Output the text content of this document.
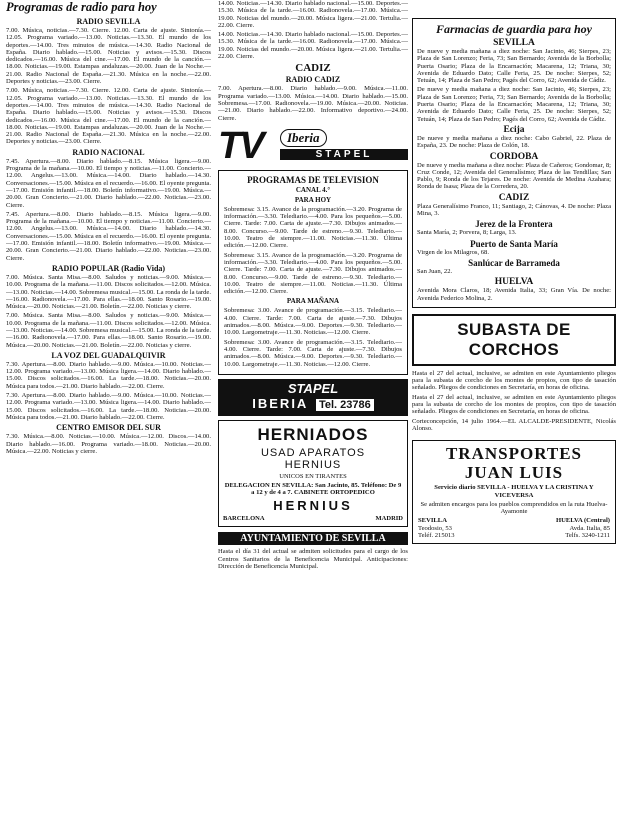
Programas de radio para hoy
RADIO SEVILLA

7.00. Música, noticias.—7.30. Cierre. 12.00. Carta de ajuste. Sintonía.—12.05. Programa variado.—13.00. Noticias.—13.30. El mundo de los deportes.—14.00. Tres minutos de música.—14.30. Radio Nacional de España. Diario hablado.—15.00. Noticias y avisos.—15.30. Discos dedicados.—16.00. Música del cine.—17.00. El mundo de la canción.—18.00. Noticias.—19.00. Estampas andaluzas.—20.00. Juan de la Noche.—21.00. Radio Nacional de España.—21.30. Música en la noche.—22.00. Deportes y noticias.—23.00. Cierre.

7.00. Música, noticias.—7.30. Cierre. 12.00. Carta de ajuste. Sintonía.—12.05. Programa variado.—13.00. Noticias.—13.30. El mundo de los deportes.—14.00. Tres minutos de música.—14.30. Radio Nacional de España. Diario hablado.—15.00. Noticias y avisos.—15.30. Discos dedicados.—16.00. Música del cine.—17.00. El mundo de la canción.—18.00. Noticias.—19.00. Estampas andaluzas.—20.00. Juan de la Noche.—21.00. Radio Nacional de España.—21.30. Música en la noche.—22.00. Deportes y noticias.—23.00. Cierre.

RADIO NACIONAL

7.45. Apertura.—8.00. Diario hablado.—8.15. Música ligera.—9.00. Programa de la mañana.—10.00. El tiempo y noticias.—11.00. Concierto.—12.00. Angelus.—13.00. Música.—14.00. Diario hablado.—14.30. Conversaciones.—15.00. Música en el recuerdo.—16.00. El oyente pregunta.—17.00. Emisión infantil.—18.00. Boletín informativo.—19.00. Música.—20.00. Gran Concierto.—21.00. Diario hablado.—22.00. Noticias.—23.00. Cierre.

7.45. Apertura.—8.00. Diario hablado.—8.15. Música ligera.—9.00. Programa de la mañana.—10.00. El tiempo y noticias.—11.00. Concierto.—12.00. Angelus.—13.00. Música.—14.00. Diario hablado.—14.30. Conversaciones.—15.00. Música en el recuerdo.—16.00. El oyente pregunta.—17.00. Emisión infantil.—18.00. Boletín informativo.—19.00. Música.—20.00. Gran Concierto.—21.00. Diario hablado.—22.00. Noticias.—23.00. Cierre.

RADIO POPULAR (Radio Vida)

7.00. Música. Santa Misa.—8.00. Saludos y noticias.—9.00. Música.—10.00. Programa de la mañana.—11.00. Discos solicitados.—12.00. Música.—13.00. Noticias.—14.00. Sobremesa musical.—15.00. La ronda de la tarde.—16.00. Radionovela.—17.00. Para ellas.—18.00. Santo Rosario.—19.00. Música.—20.00. Noticias.—21.00. Boletín.—22.00. Noticias y cierre.

7.00. Música. Santa Misa.—8.00. Saludos y noticias.—9.00. Música.—10.00. Programa de la mañana.—11.00. Discos solicitados.—12.00. Música.—13.00. Noticias.—14.00. Sobremesa musical.—15.00. La ronda de la tarde.—16.00. Radionovela.—17.00. Para ellas.—18.00. Santo Rosario.—19.00. Música.—20.00. Noticias.—21.00. Boletín.—22.00. Noticias y cierre.

LA VOZ DEL GUADALQUIVIR

7.30. Apertura.—8.00. Diario hablado.—9.00. Música.—10.00. Noticias.—12.00. Programa variado.—13.00. Música ligera.—14.00. Diario hablado.—15.00. Discos solicitados.—16.00. La tarde.—18.00. Noticias.—20.00. Música para todos.—21.00. Diario hablado.—22.00. Cierre.

7.30. Apertura.—8.00. Diario hablado.—9.00. Música.—10.00. Noticias.—12.00. Programa variado.—13.00. Música ligera.—14.00. Diario hablado.—15.00. Discos solicitados.—16.00. La tarde.—18.00. Noticias.—20.00. Música para todos.—21.00. Diario hablado.—22.00. Cierre.

CENTRO EMISOR DEL SUR

7.30. Música.—8.00. Noticias.—10.00. Música.—12.00. Discos.—14.00. Diario hablado.—16.00. Programa variado.—18.00. Noticias.—20.00. Música.—22.00. Noticias y cierre.

14.00. Noticias.—14.30. Diario hablado nacional.—15.00. Deportes.—15.30. Música de la tarde.—16.00. Radionovela.—17.00. Música.—19.00. Noticias del mundo.—20.00. Música ligera.—21.00. Tertulia.—22.00. Cierre.

14.00. Noticias.—14.30. Diario hablado nacional.—15.00. Deportes.—15.30. Música de la tarde.—16.00. Radionovela.—17.00. Música.—19.00. Noticias del mundo.—20.00. Música ligera.—21.00. Tertulia.—22.00. Cierre.

CADIZ
RADIO CADIZ

7.00. Apertura.—8.00. Diario hablado.—9.00. Música.—11.00. Programa variado.—13.00. Música.—14.00. Diario hablado.—15.00. Sobremesa.—17.00. Radionovela.—19.00. Música.—20.00. Noticias.—21.00. Diario hablado.—22.00. Informativo deportivo.—24.00. Cierre.

TV	Iberia
STAPEL
PROGRAMAS DE TELEVISION
CANAL 4.°
PARA HOY

Sobremesa: 3.15. Avance de la programación.—3.20. Programa de información.—3.30. Telediario.—4.00. Para los pequeños.—5.00. Cierre. Tarde: 7.00. Carta de ajuste.—7.30. Dibujos animados.—8.00. Concurso.—9.00. Tarde de estreno.—9.30. Telediario.—10.00. Teatro de siempre.—11.00. Noticias.—11.30. Última edición.—12.00. Cierre.

Sobremesa: 3.15. Avance de la programación.—3.20. Programa de información.—3.30. Telediario.—4.00. Para los pequeños.—5.00. Cierre. Tarde: 7.00. Carta de ajuste.—7.30. Dibujos animados.—8.00. Concurso.—9.00. Tarde de estreno.—9.30. Telediario.—10.00. Teatro de siempre.—11.00. Noticias.—11.30. Última edición.—12.00. Cierre.

PARA MAÑANA

Sobremesa: 3.00. Avance de programación.—3.15. Telediario.—4.00. Cierre. Tarde: 7.00. Carta de ajuste.—7.30. Dibujos animados.—8.00. Música.—9.00. Deportes.—9.30. Telediario.—10.00. Largometraje.—11.30. Noticias.—12.00. Cierre.

Sobremesa: 3.00. Avance de programación.—3.15. Telediario.—4.00. Cierre. Tarde: 7.00. Carta de ajuste.—7.30. Dibujos animados.—8.00. Música.—9.00. Deportes.—9.30. Telediario.—10.00. Largometraje.—11.30. Noticias.—12.00. Cierre.

STAPEL
IBERIA Tel. 23786
HERNIADOS
USAD APARATOS
HERNIUS
UNICOS EN TIRANTES

DELEGACION EN SEVILLA: San Jacinto, 85. Teléfono: De 9 a 12 y de 4 a 7. CABINETE ORTOPEDICO

HERNIUS
BARCELONA	MADRID
AYUNTAMIENTO DE SEVILLA

Hasta el día 31 del actual se admiten solicitudes para el cargo de los Centros Sanitarios de la Beneficencia Municipal. Anticipaciones: Dirección de Beneficencia Municipal.

Farmacias de guardia para hoy
SEVILLA

De nueve y media mañana a diez noche: San Jacinto, 46; Sierpes, 23; Plaza de San Lorenzo; Feria, 73; San Bernardo; Avenida de la Borbolla; Puerta Osario; Plaza de la Encarnación; Macarena, 12; Triana, 30; Avenida de Eduardo Dato; Calle Feria, 25. De noche: Sierpes, 52; Tetuán, 14; Plaza de San Pedro; Pagés del Corro, 62; Avenida de Cádiz.

De nueve y media mañana a diez noche: San Jacinto, 46; Sierpes, 23; Plaza de San Lorenzo; Feria, 73; San Bernardo; Avenida de la Borbolla; Puerta Osario; Plaza de la Encarnación; Macarena, 12; Triana, 30; Avenida de Eduardo Dato; Calle Feria, 25. De noche: Sierpes, 52; Tetuán, 14; Plaza de San Pedro; Pagés del Corro, 62; Avenida de Cádiz.

Ecija

De nueve y media mañana a diez noche: Cabo Gabriel, 22. Plaza de España, 23. De noche: Plaza de Colón, 18.

CORDOBA

De nueve y media mañana a diez noche: Plaza de Cañeros; Gondomar, 8; Cruz Conde, 12; Avenida del Generalísimo; Plaza de las Tendillas; San Pablo, 9; Ronda de los Tejares. De noche: Avenida de Medina Azahara; Ronda de Isasa; Plaza de la Corredera, 20.

CADIZ

Plaza Generalísimo Franco, 11; Santiago, 2; Cánovas, 4. De noche: Plaza Mina, 3.

Jerez de la Frontera

Santa María, 2; Porvera, 8; Larga, 13.

Puerto de Santa María

Virgen de los Milagros, 68.

Sanlúcar de Barrameda

San Juan, 22.

HUELVA

Avenida Mora Claros, 18; Avenida Italia, 33; Gran Vía. De noche: Avenida Federico Molina, 2.

SUBASTA DE CORCHOS

Hasta el 27 del actual, inclusive, se admiten en este Ayuntamiento pliegos para la subasta de corcho de los montes de propios, con tipo de tasación señalado. Pliegos de condiciones en Secretaría, en horas de oficina.

Hasta el 27 del actual, inclusive, se admiten en este Ayuntamiento pliegos para la subasta de corcho de los montes de propios, con tipo de tasación señalado. Pliegos de condiciones en Secretaría, en horas de oficina.

Corteconcepción, 14 julio 1964.—EL ALCALDE-PRESIDENTE, Nicolás Alonso.

TRANSPORTES
JUAN LUIS

Servicio diario SEVILLA - HUELVA Y LA CRISTINA Y VICEVERSA

Se admiten encargos para los pueblos comprendidos en la ruta Huelva-Ayamonte

SEVILLA
Teodosio, 53
Teléf. 215013
HUELVA (Central)
Avda. Italia, 85
Telfs. 3240-1211
